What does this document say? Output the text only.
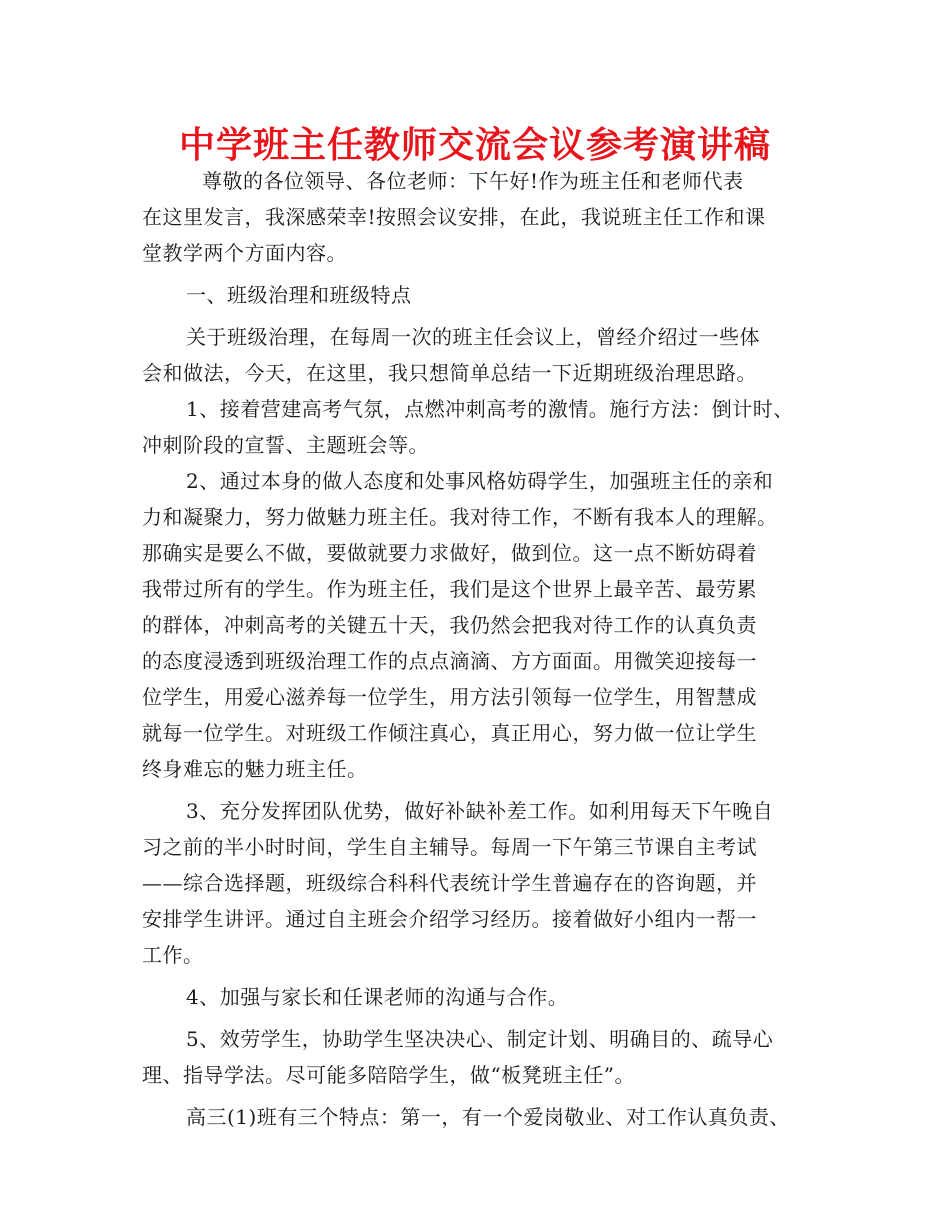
中学班主任教师交流会议参考演讲稿
尊敬的各位领导、各位老师：下午好!作为班主任和老师代表
在这里发言，我深感荣幸!按照会议安排，在此，我说班主任工作和课
堂教学两个方面内容。
一、班级治理和班级特点
关于班级治理，在每周一次的班主任会议上，曾经介绍过一些体
会和做法，今天，在这里，我只想简单总结一下近期班级治理思路。
1、接着营建高考气氛，点燃冲刺高考的激情。施行方法：倒计时、
冲刺阶段的宣誓、主题班会等。
2、通过本身的做人态度和处事风格妨碍学生，加强班主任的亲和
力和凝聚力，努力做魅力班主任。我对待工作，不断有我本人的理解。
那确实是要么不做，要做就要力求做好，做到位。这一点不断妨碍着
我带过所有的学生。作为班主任，我们是这个世界上最辛苦、最劳累
的群体，冲刺高考的关键五十天，我仍然会把我对待工作的认真负责
的态度浸透到班级治理工作的点点滴滴、方方面面。用微笑迎接每一
位学生，用爱心滋养每一位学生，用方法引领每一位学生，用智慧成
就每一位学生。对班级工作倾注真心，真正用心，努力做一位让学生
终身难忘的魅力班主任。
3、充分发挥团队优势，做好补缺补差工作。如利用每天下午晚自
习之前的半小时时间，学生自主辅导。每周一下午第三节课自主考试
——综合选择题，班级综合科科代表统计学生普遍存在的咨询题，并
安排学生讲评。通过自主班会介绍学习经历。接着做好小组内一帮一
工作。
4、加强与家长和任课老师的沟通与合作。
5、效劳学生，协助学生坚决决心、制定计划、明确目的、疏导心
理、指导学法。尽可能多陪陪学生，做“板凳班主任”。
高三(1)班有三个特点：第一，有一个爱岗敬业、对工作认真负责、
